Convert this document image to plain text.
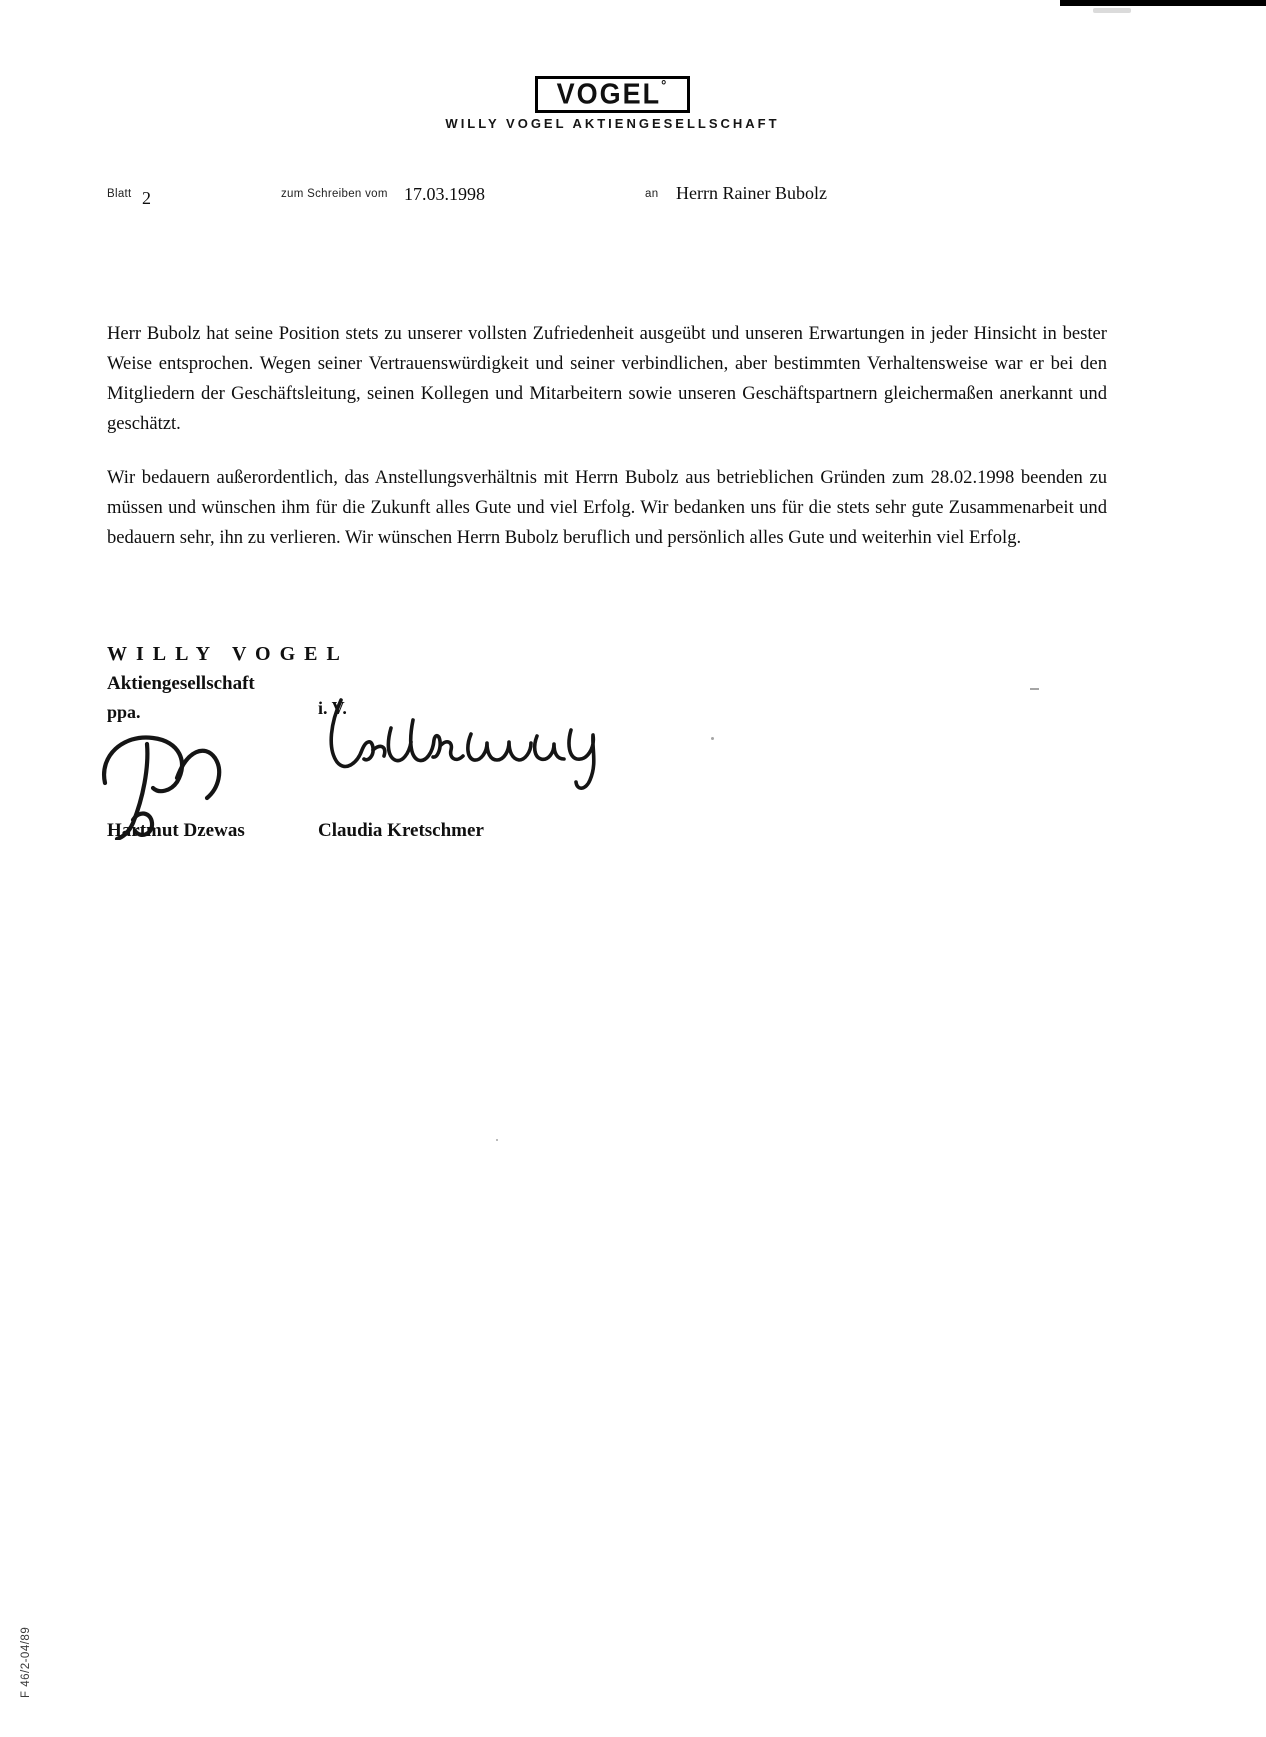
VOGEL°
WILLY VOGEL AKTIENGESELLSCHAFT
Blatt 2	zum Schreiben vom 17.03.1998	an Herrn Rainer Bubolz
Herr Bubolz hat seine Position stets zu unserer vollsten Zufriedenheit ausgeübt und unseren Erwartungen in jeder Hinsicht in bester Weise entsprochen. Wegen seiner Vertrauenswürdigkeit und seiner verbindlichen, aber bestimmten Verhaltensweise war er bei den Mitgliedern der Geschäftsleitung, seinen Kollegen und Mitarbeitern sowie unseren Geschäftspartnern gleichermaßen anerkannt und geschätzt.
Wir bedauern außerordentlich, das Anstellungsverhältnis mit Herrn Bubolz aus betrieblichen Gründen zum 28.02.1998 beenden zu müssen und wünschen ihm für die Zukunft alles Gute und viel Erfolg. Wir bedanken uns für die stets sehr gute Zusammenarbeit und bedauern sehr, ihn zu verlieren. Wir wünschen Herrn Bubolz beruflich und persönlich alles Gute und weiterhin viel Erfolg.
WILLY VOGEL
Aktiengesellschaft
ppa.	i. V.
Hartmut Dzewas	Claudia Kretschmer
F 46/2-04/89
